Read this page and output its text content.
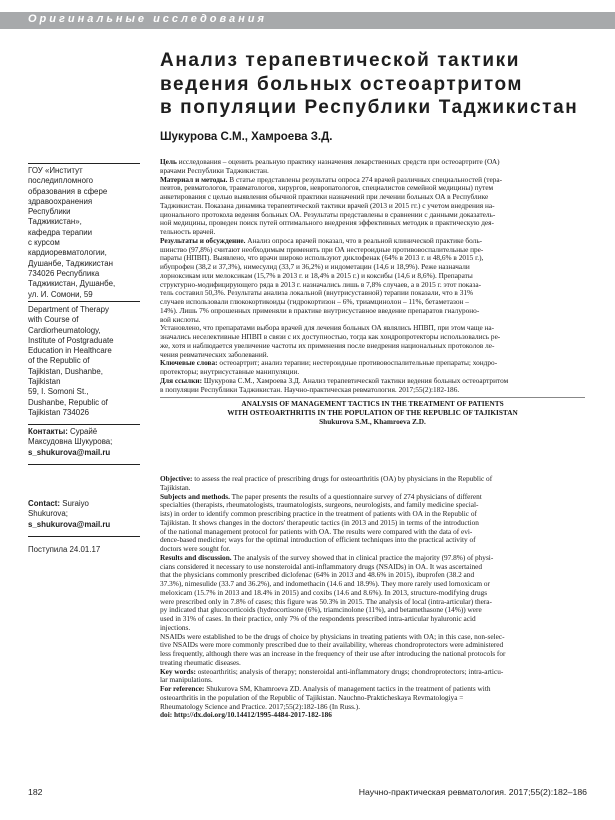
Оригинальные исследования
Анализ терапевтической тактики
ведения больных остеоартритом
в популяции Республики Таджикистан
Шукурова С.М., Хамроева З.Д.
ГОУ «Институт
последипломного
образования в сфере
здравоохранения
Республики
Таджикистан»,
кафедра терапии
с курсом
кардиоревматологии,
Душанбе, Таджикистан
734026 Республика
Таджикистан, Душанбе,
ул. И. Сомони, 59
Department of Therapy
with Course of
Cardiorheumatology,
Institute of Postgraduate
Education in Healthcare
of the Republic of
Tajikistan, Dushanbe,
Tajikistan
59, I. Somoni St.,
Dushanbe, Republic of
Tajikistan 734026
Контакты: Сурайё
Максудовна Шукурова;
s_shukurova@mail.ru
Contact: Suraiyo
Shukurova;
s_shukurova@mail.ru
Поступила 24.01.17
Цель исследования – оценить реальную практику назначения лекарственных средств при остеоартрите (ОА)
врачами Республики Таджикистан.
Материал и методы. В статье представлены результаты опроса 274 врачей различных специальностей (тера-
певтов, ревматологов, травматологов, хирургов, невропатологов, специалистов семейной медицины) путем
анкетирования с целью выявления обычной практики назначений при лечении больных ОА в Республике
Таджикистан. Показана динамика терапевтической тактики врачей (2013 и 2015 гг.) с учетом внедрения на-
ционального протокола ведения больных ОА. Результаты представлены в сравнении с данными доказатель-
ной медицины, проведен поиск путей оптимального внедрения эффективных методик в практическую дея-
тельность врачей.
Результаты и обсуждение. Анализ опроса врачей показал, что в реальной клинической практике боль-
шинство (97,8%) считают необходимым применять при ОА нестероидные противовоспалительные пре-
параты (НПВП). Выявлено, что врачи широко используют диклофенак (64% в 2013 г. и 48,6% в 2015 г.),
ибупрофен (38,2 и 37,3%), нимесулид (33,7 и 36,2%) и индометацин (14,6 и 18,9%). Реже назначали
лорноксикам или мелоксикам (15,7% в 2013 г. и 18,4% в 2015 г.) и коксибы (14,6 и 8,6%). Препараты
структурно-модифицирующего ряда в 2013 г. назначались лишь в 7,8% случаев, а в 2015 г. этот показа-
тель составил 50,3%. Результаты анализа локальной (внутрисуставной) терапии показали, что в 31%
случаев использовали глюкокортикоиды (гидрокортизон – 6%, триамцинолон – 11%, бетаметазон –
14%). Лишь 7% опрошенных применяли в практике внутрисуставное введение препаратов гиалуроно-
вой кислоты.
Установлено, что препаратами выбора врачей для лечения больных ОА являлись НПВП, при этом чаще на-
значались неселективные НПВП в связи с их доступностью, тогда как хондропротекторы использовались ре-
же, хотя и наблюдается увеличение частоты их применения после внедрения национальных протоколов ле-
чения ревматических заболеваний.
Ключевые слова: остеоартрит; анализ терапии; нестероидные противовоспалительные препараты; хондро-
протекторы; внутрисуставные манипуляции.
Для ссылки: Шукурова С.М., Хамроева З.Д. Анализ терапевтической тактики ведения больных остеоартритом
в популяции Республики Таджикистан. Научно-практическая ревматология. 2017;55(2):182-186.
ANALYSIS OF MANAGEMENT TACTICS IN THE TREATMENT OF PATIENTS
WITH OSTEOARTHRITIS IN THE POPULATION OF THE REPUBLIC OF TAJIKISTAN
Shukurova S.M., Khamroeva Z.D.
Objective: to assess the real practice of prescribing drugs for osteoarthritis (OA) by physicians in the Republic of
Tajikistan.
Subjects and methods. The paper presents the results of a questionnaire survey of 274 physicians of different
specialties (therapists, rheumatologists, traumatologists, surgeons, neurologists, and family medicine special-
ists) in order to identify common prescribing practice in the treatment of patients with OA in the Republic of
Tajikistan. It shows changes in the doctors' therapeutic tactics (in 2013 and 2015) in terms of the introduction
of the national management protocol for patients with OA. The results were compared with the data of evi-
dence-based medicine; ways for the optimal introduction of efficient techniques into the practical activity of
doctors were sought for.
Results and discussion. The analysis of the survey showed that in clinical practice the majority (97.8%) of physi-
cians considered it necessary to use nonsteroidal anti-inflammatory drugs (NSAIDs) in OA. It was ascertained
that the physicians commonly prescribed diclofenac (64% in 2013 and 48.6% in 2015), ibuprofen (38.2 and
37.3%), nimesulide (33.7 and 36.2%), and indomethacin (14.6 and 18.9%). They more rarely used lornoxicam or
meloxicam (15.7% in 2013 and 18.4% in 2015) and coxibs (14.6 and 8.6%). In 2013, structure-modifying drugs
were prescribed only in 7.8% of cases; this figure was 50.3% in 2015. The analysis of local (intra-articular) thera-
py indicated that glucocorticoids (hydrocortisone (6%), triamcinolone (11%), and betamethasone (14%)) were
used in 31% of cases. In their practice, only 7% of the respondents prescribed intra-articular hyaluronic acid
injections.
NSAIDs were established to be the drugs of choice by physicians in treating patients with OA; in this case, non-selec-
tive NSAIDs were more commonly prescribed due to their availability, whereas chondroprotectors were administered
less frequently, although there was an increase in the frequency of their use after introducing the national protocols for
treating rheumatic diseases.
Key words: osteoarthritis; analysis of therapy; nonsteroidal anti-inflammatory drugs; chondroprotectors; intra-articu-
lar manipulations.
For reference: Shukurova SM, Khamroeva ZD. Analysis of management tactics in the treatment of patients with
osteoarthritis in the population of the Republic of Tajikistan. Nauchno-Prakticheskaya Revmatologiya =
Rheumatology Science and Practice. 2017;55(2):182-186 (In Russ.).
doi: http://dx.doi.org/10.14412/1995-4484-2017-182-186
182	Научно-практическая ревматология. 2017;55(2):182–186
